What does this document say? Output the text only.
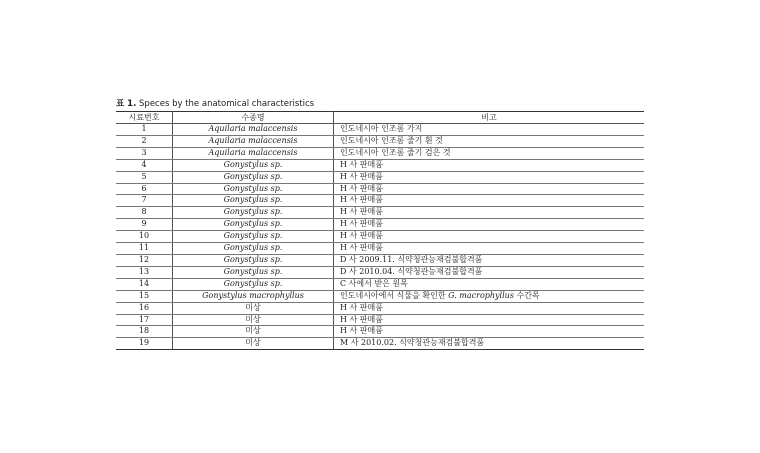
표 1. Speces by the anatomical characteristics
시료번호	수종명	비고
1	Aquilaria malaccensis	인도네시아 인조롬 가지
2	Aquilaria malaccensis	인도네시아 인조롬 줄기 흰 것
3	Aquilaria malaccensis	인도네시아 인조롬 줄기 검은 것
4	Gonystylus sp.	H 사 판매품
5	Gonystylus sp.	H 사 판매품
6	Gonystylus sp.	H 사 판매품
7	Gonystylus sp.	H 사 판매품
8	Gonystylus sp.	H 사 판매품
9	Gonystylus sp.	H 사 판매품
10	Gonystylus sp.	H 사 판매품
11	Gonystylus sp.	H 사 판매품
12	Gonystylus sp.	D 사 2009.11. 식약청관능재검불합격품
13	Gonystylus sp.	D 사 2010.04. 식약청관능재검불합격품
14	Gonystylus sp.	C 사에서 받은 원목
15	Gonystylus macrophyllus	인도네시아에서 식물을 확인한 G. macrophyllus 수간목
16	미상	H 사 판매품
17	미상	H 사 판매품
18	미상	H 사 판매품
19	미상	M 사 2010.02. 식약청관능재검불합격품
